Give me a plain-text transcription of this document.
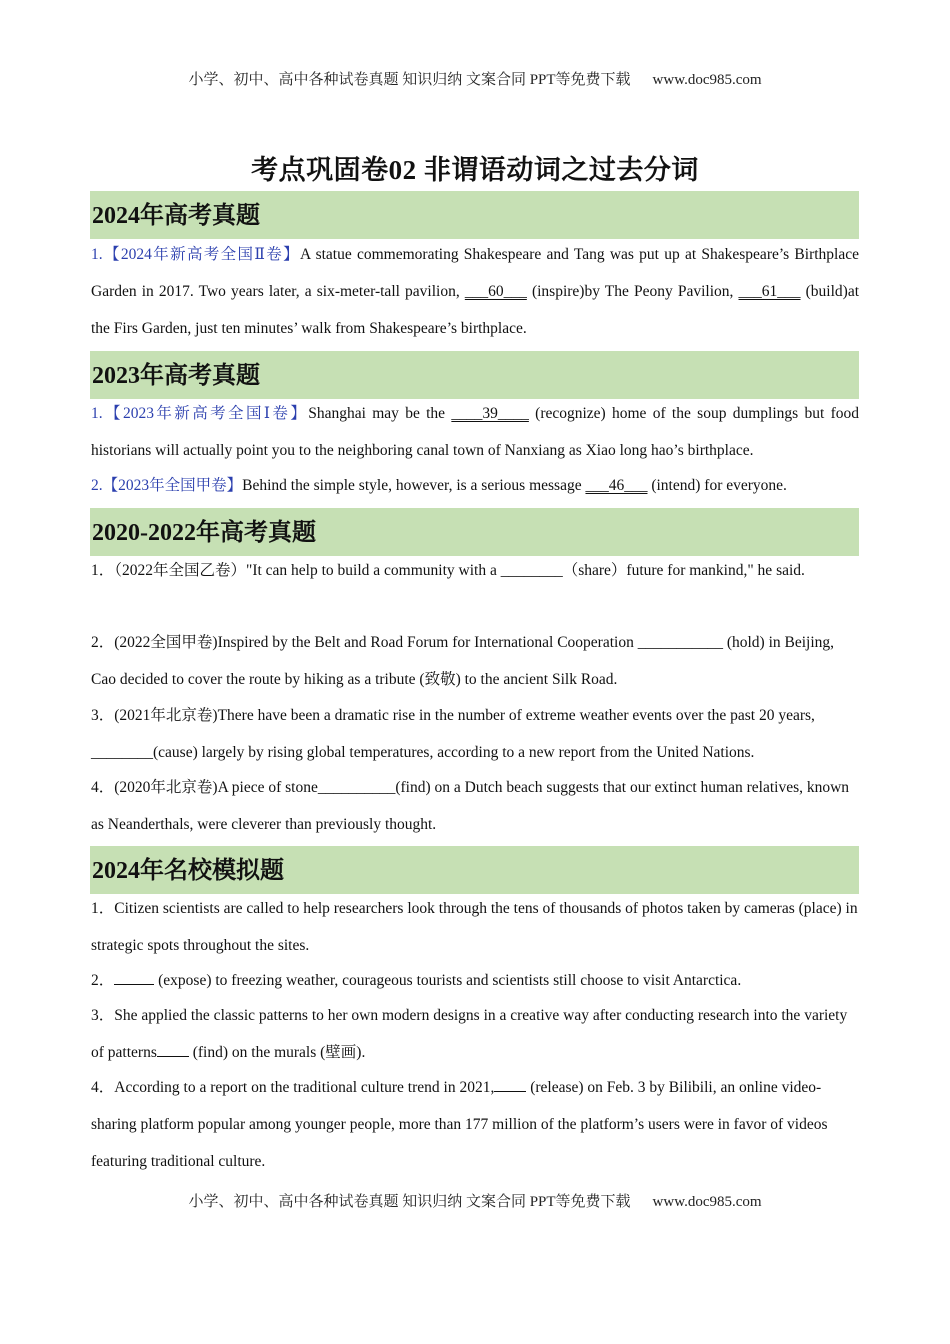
小学、初中、高中各种试卷真题 知识归纳 文案合同 PPT等免费下载 www.doc985.com
考点巩固卷02 非谓语动词之过去分词
2024年高考真题
1.【2024年新高考全国Ⅱ卷】A statue commemorating Shakespeare and Tang was put up at Shakespeare’s Birthplace Garden in 2017. Two years later, a six-meter-tall pavilion, ___60___ (inspire)by The Peony Pavilion, ___61___ (build)at the Firs Garden, just ten minutes’ walk from Shakespeare’s birthplace.
2023年高考真题
1.【2023年新高考全国Ⅰ卷】Shanghai may be the ____39____ (recognize) home of the soup dumplings but food historians will actually point you to the neighboring canal town of Nanxiang as Xiao long hao’s birthplace.
2.【2023年全国甲卷】Behind the simple style, however, is a serious message ___46___ (intend) for everyone.
2020-2022年高考真题
1．（2022年全国乙卷）"It can help to build a community with a ________（share）future for mankind," he said.
2．(2022全国甲卷)Inspired by the Belt and Road Forum for International Cooperation ___________ (hold) in Beijing, Cao decided to cover the route by hiking as a tribute (致敬) to the ancient Silk Road.
3．(2021年北京卷)There have been a dramatic rise in the number of extreme weather events over the past 20 years, ________(cause) largely by rising global temperatures, according to a new report from the United Nations.
4．(2020年北京卷)A piece of stone__________(find) on a Dutch beach suggests that our extinct human relatives, known as Neanderthals, were cleverer than previously thought.
2024年名校模拟题
1．Citizen scientists are called to help researchers look through the tens of thousands of photos taken by cameras (place) in strategic spots throughout the sites.
2．	(expose) to freezing weather, courageous tourists and scientists still choose to visit Antarctica.
3．She applied the classic patterns to her own modern designs in a creative way after conducting research into the variety of patterns (find) on the murals (壁画).
4．According to a report on the traditional culture trend in 2021, (release) on Feb. 3 by Bilibili, an online video-sharing platform popular among younger people, more than 177 million of the platform’s users were in favor of videos featuring traditional culture.
小学、初中、高中各种试卷真题 知识归纳 文案合同 PPT等免费下载 www.doc985.com
